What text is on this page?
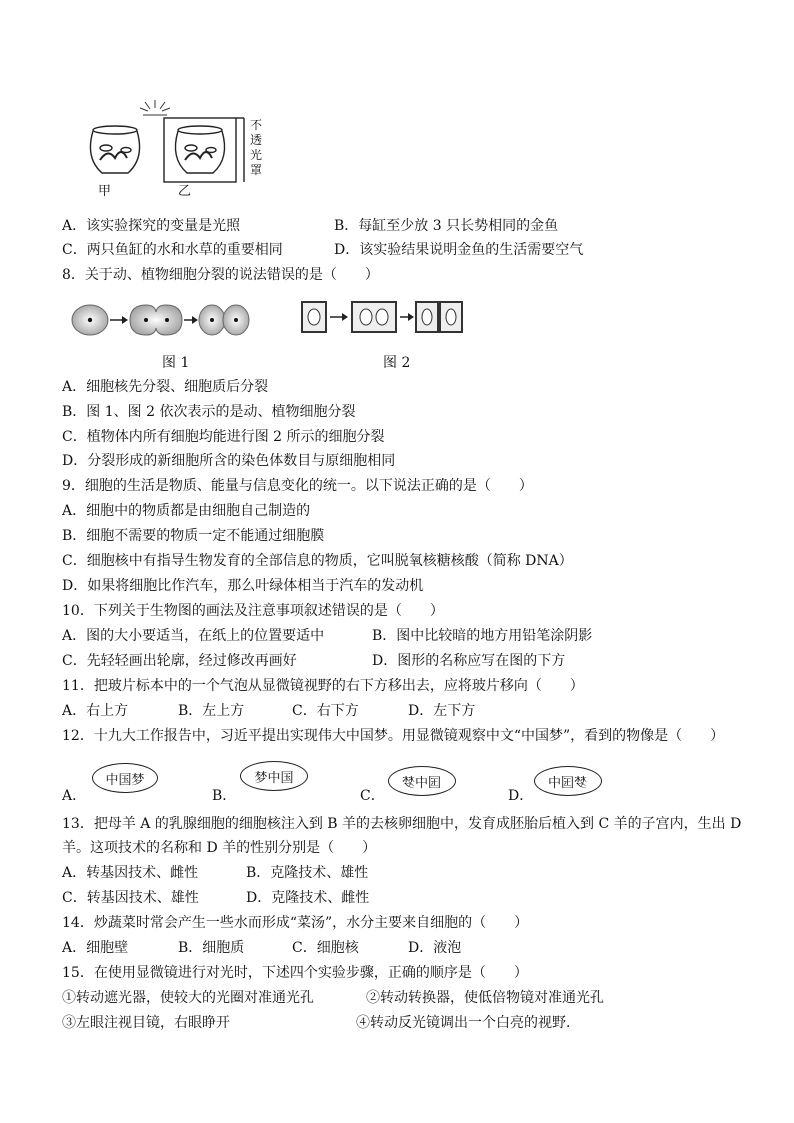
甲	乙
不透光罩
A．该实验探究的变量是光照	B．每缸至少放 3 只长势相同的金鱼
C．两只鱼缸的水和水草的重要相同	D．该实验结果说明金鱼的生活需要空气
8．关于动、植物细胞分裂的说法错误的是（　　）
图 1	图 2
A．细胞核先分裂、细胞质后分裂
B．图 1、图 2 依次表示的是动、植物细胞分裂
C．植物体内所有细胞均能进行图 2 所示的细胞分裂
D．分裂形成的新细胞所含的染色体数目与原细胞相同
9．细胞的生活是物质、能量与信息变化的统一。以下说法正确的是（　　）
A．细胞中的物质都是由细胞自己制造的
B．细胞不需要的物质一定不能通过细胞膜
C．细胞核中有指导生物发育的全部信息的物质，它叫脱氧核糖核酸（简称 DNA）
D．如果将细胞比作汽车，那么叶绿体相当于汽车的发动机
10．下列关于生物图的画法及注意事项叙述错误的是（　　）
A．图的大小要适当，在纸上的位置要适中	B．图中比较暗的地方用铅笔涂阴影
C．先轻轻画出轮廓，经过修改再画好	D．图形的名称应写在图的下方
11．把玻片标本中的一个气泡从显微镜视野的右下方移出去，应将玻片移向（　　）
A．右上方	B．左上方	C．右下方	D．左下方
12．十九大工作报告中，习近平提出实现伟大中国梦。用显微镜观察中文“中国梦”，看到的物像是（　　）
A．
中国梦
B．
梦中国
C．
国中梦
D．
梦国中
13．把母羊 A 的乳腺细胞的细胞核注入到 B 羊的去核卵细胞中，发育成胚胎后植入到 C 羊的子宫内，生出 D
羊。这项技术的名称和 D 羊的性别分别是（　　）
A．转基因技术、雌性	B．克隆技术、雄性
C．转基因技术、雄性	D．克隆技术、雌性
14．炒蔬菜时常会产生一些水而形成“菜汤”，水分主要来自细胞的（　　）
A．细胞壁	B．细胞质	C．细胞核	D．液泡
15．在使用显微镜进行对光时，下述四个实验步骤，正确的顺序是（　　）
①转动遮光器，使较大的光圈对准通光孔	②转动转换器，使低倍物镜对准通光孔
③左眼注视目镜，右眼睁开	④转动反光镜调出一个白亮的视野.
